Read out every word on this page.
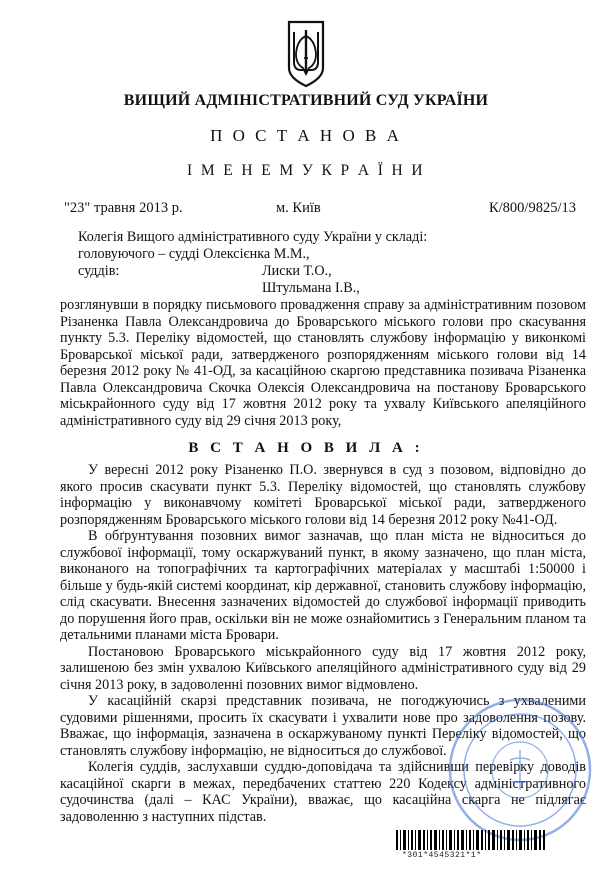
ВИЩИЙ АДМІНІСТРАТИВНИЙ СУД УКРАЇНИ
П О С Т А Н О В А
І М Е Н Е М У К Р А Ї Н И
"23" травня 2013 р.	м. Київ	К/800/9825/13
Колегія Вищого адміністративного суду України у складі:
головуючого – судді Олексієнка М.М.,
суддів:	Лиски Т.О.,
Штульмана І.В.,

розглянувши в порядку письмового провадження справу за адміністративним позовом Різаненка Павла Олександровича до Броварського міського голови про скасування пункту 5.3. Переліку відомостей, що становлять службову інформацію у виконкомі Броварської міської ради, затвердженого розпорядженням міського голови від 14 березня 2012 року № 41-ОД, за касаційною скаргою представника позивача Різаненка Павла Олександровича Скочка Олексія Олександровича на постанову Броварського міськрайонного суду від 17 жовтня 2012 року та ухвалу Київського апеляційного адміністративного суду від 29 січня 2013 року,

В С Т А Н О В И Л А :

У вересні 2012 року Різаненко П.О. звернувся в суд з позовом, відповідно до якого просив скасувати пункт 5.3. Переліку відомостей, що становлять службову інформацію у виконавчому комітеті Броварської міської ради, затвердженого розпорядженням Броварського міського голови від 14 березня 2012 року №41-ОД.

В обґрунтування позовних вимог зазначав, що план міста не відноситься до службової інформації, тому оскаржуваний пункт, в якому зазначено, що план міста, виконаного на топографічних та картографічних матеріалах у масштабі 1:50000 і більше у будь-якій системі координат, кір державної, становить службову інформацію, слід скасувати. Внесення зазначених відомостей до службової інформації приводить до порушення його прав, оскільки він не може ознайомитись з Генеральним планом та детальними планами міста Бровари.

Постановою Броварського міськрайонного суду від 17 жовтня 2012 року, залишеною без змін ухвалою Київського апеляційного адміністративного суду від 29 січня 2013 року, в задоволенні позовних вимог відмовлено.

У касаційній скарзі представник позивача, не погоджуючись з ухваленими судовими рішеннями, просить їх скасувати і ухвалити нове про задоволення позову. Вважає, що інформація, зазначена в оскаржуваному пункті Переліку відомостей, що становлять службову інформацію, не відноситься до службової.

Колегія суддів, заслухавши суддю-доповідача та здійснивши перевірку доводів касаційної скарги в межах, передбачених статтею 220 Кодексу адміністративного судочинства (далі – КАС України), вважає, що касаційна скарга не підлягає задоволенню з наступних підстав.

*301*4545321*1*
